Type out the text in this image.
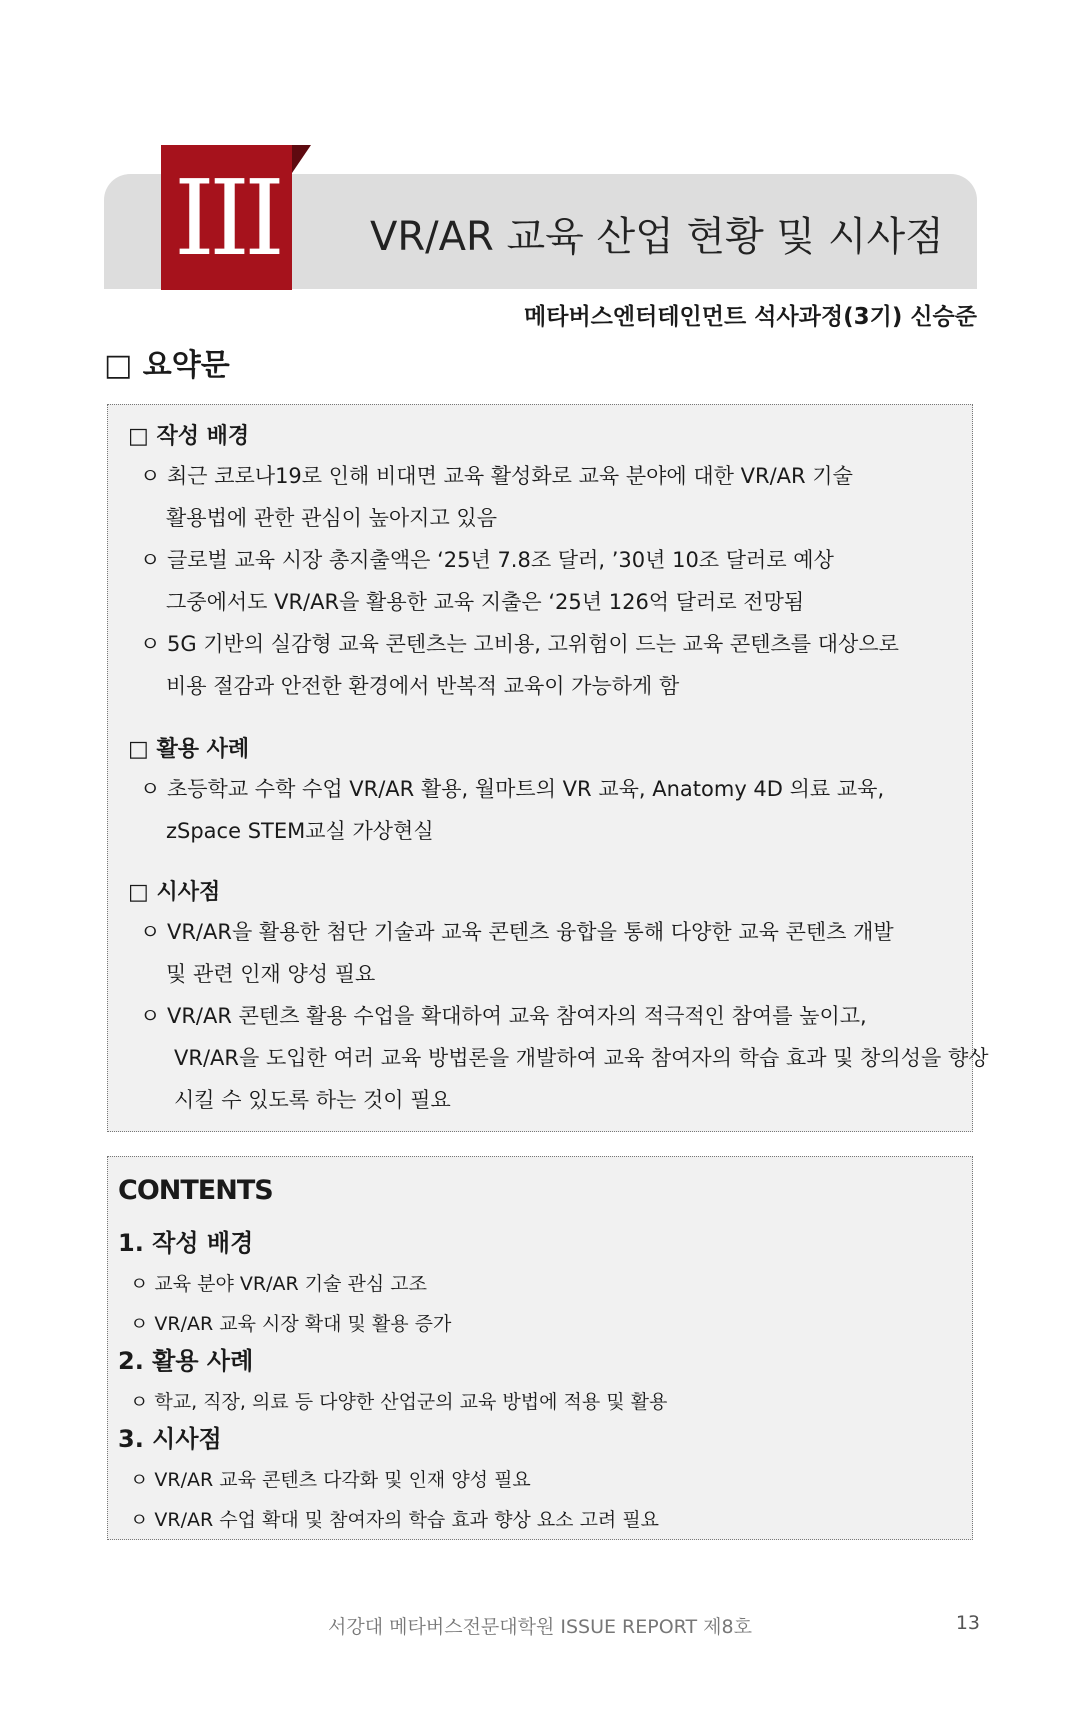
III	VR/AR 교육 산업 현황 및 시사점
메타버스엔터테인먼트 석사과정(3기) 신승준
□ 요약문
□ 작성 배경
ㅇ 최근 코로나19로 인해 비대면 교육 활성화로 교육 분야에 대한 VR/AR 기술
활용법에 관한 관심이 높아지고 있음
ㅇ 글로벌 교육 시장 총지출액은 ‘25년 7.8조 달러, ’30년 10조 달러로 예상
그중에서도 VR/AR을 활용한 교육 지출은 ‘25년 126억 달러로 전망됨
ㅇ 5G 기반의 실감형 교육 콘텐츠는 고비용, 고위험이 드는 교육 콘텐츠를 대상으로
비용 절감과 안전한 환경에서 반복적 교육이 가능하게 함
□ 활용 사례
ㅇ 초등학교 수학 수업 VR/AR 활용, 월마트의 VR 교육, Anatomy 4D 의료 교육,
zSpace STEM교실 가상현실
□ 시사점
ㅇ VR/AR을 활용한 첨단 기술과 교육 콘텐츠 융합을 통해 다양한 교육 콘텐츠 개발
및 관련 인재 양성 필요
ㅇ VR/AR 콘텐츠 활용 수업을 확대하여 교육 참여자의 적극적인 참여를 높이고,
VR/AR을 도입한 여러 교육 방법론을 개발하여 교육 참여자의 학습 효과 및 창의성을 향상
시킬 수 있도록 하는 것이 필요
CONTENTS
1. 작성 배경
ㅇ 교육 분야 VR/AR 기술 관심 고조
ㅇ VR/AR 교육 시장 확대 및 활용 증가
2. 활용 사례
ㅇ 학교, 직장, 의료 등 다양한 산업군의 교육 방법에 적용 및 활용
3. 시사점
ㅇ VR/AR 교육 콘텐츠 다각화 및 인재 양성 필요
ㅇ VR/AR 수업 확대 및 참여자의 학습 효과 향상 요소 고려 필요
서강대 메타버스전문대학원 ISSUE REPORT 제8호	13
